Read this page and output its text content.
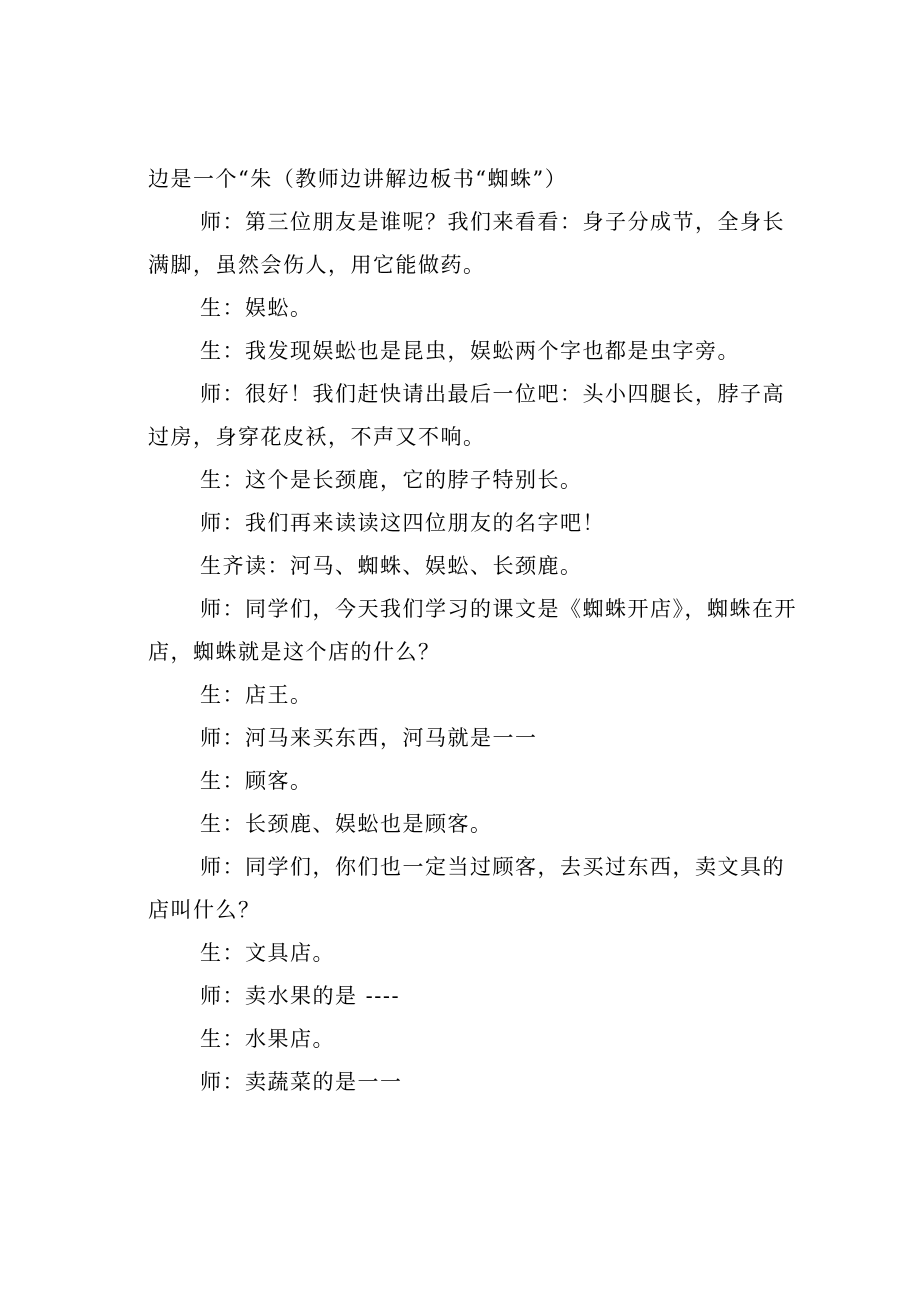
边是一个“朱（教师边讲解边板书“蜘蛛”）

师：第三位朋友是谁呢？我们来看看：身子分成节，全身长满脚，虽然会伤人，用它能做药。

生：娱蚣。

生：我发现娱蚣也是昆虫，娱蚣两个字也都是虫字旁。

师：很好！我们赶快请出最后一位吧：头小四腿长，脖子高过房，身穿花皮袄，不声又不响。

生：这个是长颈鹿，它的脖子特别长。

师：我们再来读读这四位朋友的名字吧！

生齐读：河马、蜘蛛、娱蚣、长颈鹿。

师：同学们，今天我们学习的课文是《蜘蛛开店》，蜘蛛在开店，蜘蛛就是这个店的什么？

生：店王。

师：河马来买东西，河马就是一一

生：顾客。

生：长颈鹿、娱蚣也是顾客。

师：同学们，你们也一定当过顾客，去买过东西，卖文具的店叫什么？

生：文具店。

师：卖水果的是 ----

生：水果店。

师：卖蔬菜的是一一
